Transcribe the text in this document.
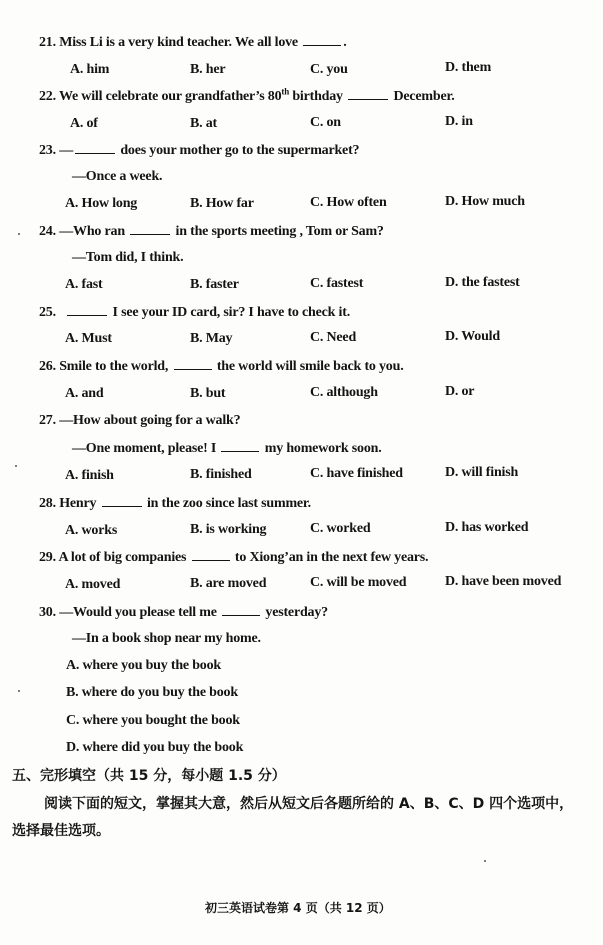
21. Miss Li is a very kind teacher. We all love	.
A. him	B. her	C. you	D. them
22. We will celebrate our grandfather’s 80th birthday	December.
A. of	B. at	C. on	D. in
23. —	does your mother go to the supermarket?
—Once a week.
A. How long	B. How far	C. How often	D. How much
24. —Who ran	in the sports meeting , Tom or Sam?
—Tom did, I think.
A. fast	B. faster	C. fastest	D. the fastest
25.	I see your ID card, sir? I have to check it.
A. Must	B. May	C. Need	D. Would
26. Smile to the world,	the world will smile back to you.
A. and	B. but	C. although	D. or
27. —How about going for a walk?
—One moment, please! I	my homework soon.
A. finish	B. finished	C. have finished	D. will finish
28. Henry	in the zoo since last summer.
A. works	B. is working	C. worked	D. has worked
29. A lot of big companies	to Xiong’an in the next few years.
A. moved	B. are moved	C. will be moved	D. have been moved
30. —Would you please tell me	yesterday?
—In a book shop near my home.
A. where you buy the book
B. where do you buy the book
C. where you bought the book
D. where did you buy the book
五、完形填空（共 15 分，每小题 1.5 分）
阅读下面的短文，掌握其大意，然后从短文后各题所给的 A、B、C、D 四个选项中，
选择最佳选项。
初三英语试卷第 4 页（共 12 页）
